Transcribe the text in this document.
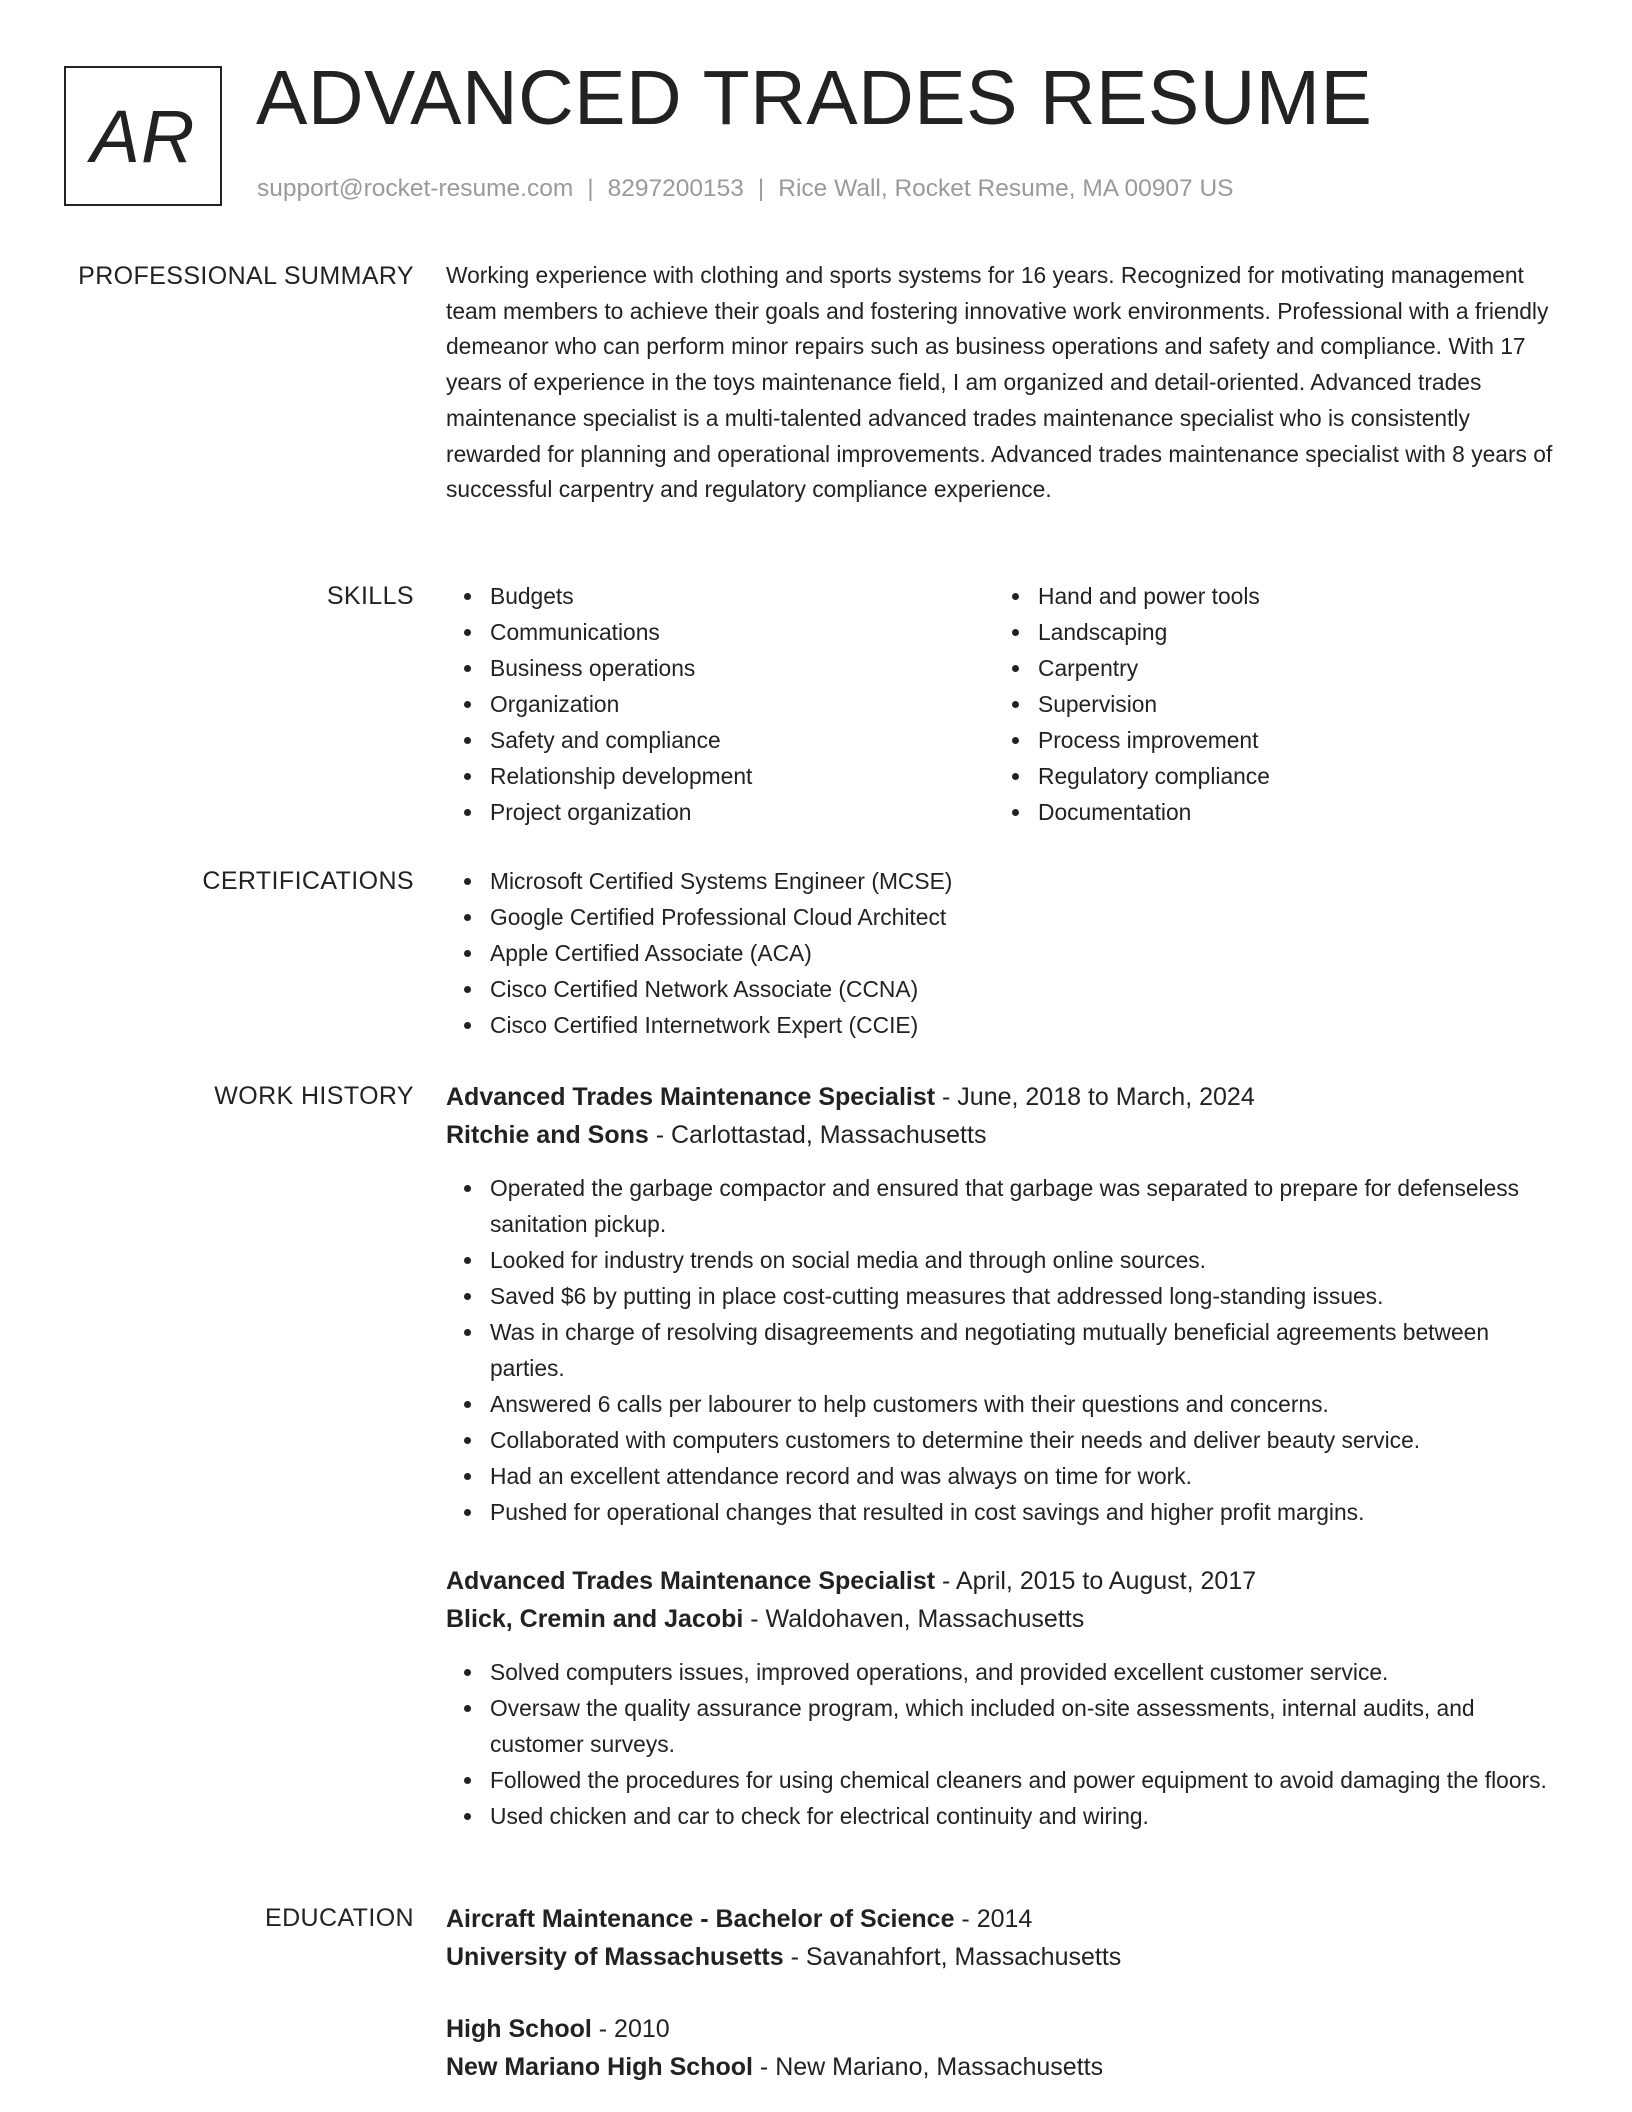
AR ADVANCED TRADES RESUME
support@rocket-resume.com | 8297200153 | Rice Wall, Rocket Resume, MA 00907 US
PROFESSIONAL SUMMARY Working experience with clothing and sports systems for 16 years. Recognized for motivating management team members to achieve their goals and fostering innovative work environments. Professional with a friendly demeanor who can perform minor repairs such as business operations and safety and compliance. With 17 years of experience in the toys maintenance field, I am organized and detail-oriented. Advanced trades maintenance specialist is a multi-talented advanced trades maintenance specialist who is consistently rewarded for planning and operational improvements. Advanced trades maintenance specialist with 8 years of successful carpentry and regulatory compliance experience.
SKILLS	Budgets
Communications
Business operations
Organization
Safety and compliance
Relationship development
Project organization
Hand and power tools
Landscaping
Carpentry
Supervision
Process improvement
Regulatory compliance
Documentation
CERTIFICATIONS	Microsoft Certified Systems Engineer (MCSE)
Google Certified Professional Cloud Architect
Apple Certified Associate (ACA)
Cisco Certified Network Associate (CCNA)
Cisco Certified Internetwork Expert (CCIE)
WORK HISTORY Advanced Trades Maintenance Specialist - June, 2018 to March, 2024
Ritchie and Sons - Carlottastad, Massachusetts
Operated the garbage compactor and ensured that garbage was separated to prepare for defenseless sanitation pickup.
Looked for industry trends on social media and through online sources.
Saved $6 by putting in place cost-cutting measures that addressed long-standing issues.
Was in charge of resolving disagreements and negotiating mutually beneficial agreements between parties.
Answered 6 calls per labourer to help customers with their questions and concerns.
Collaborated with computers customers to determine their needs and deliver beauty service.
Had an excellent attendance record and was always on time for work.
Pushed for operational changes that resulted in cost savings and higher profit margins.
Advanced Trades Maintenance Specialist - April, 2015 to August, 2017
Blick, Cremin and Jacobi - Waldohaven, Massachusetts
Solved computers issues, improved operations, and provided excellent customer service.
Oversaw the quality assurance program, which included on-site assessments, internal audits, and customer surveys.
Followed the procedures for using chemical cleaners and power equipment to avoid damaging the floors.
Used chicken and car to check for electrical continuity and wiring.
EDUCATION Aircraft Maintenance - Bachelor of Science - 2014
University of Massachusetts - Savanahfort, Massachusetts
High School - 2010
New Mariano High School - New Mariano, Massachusetts
